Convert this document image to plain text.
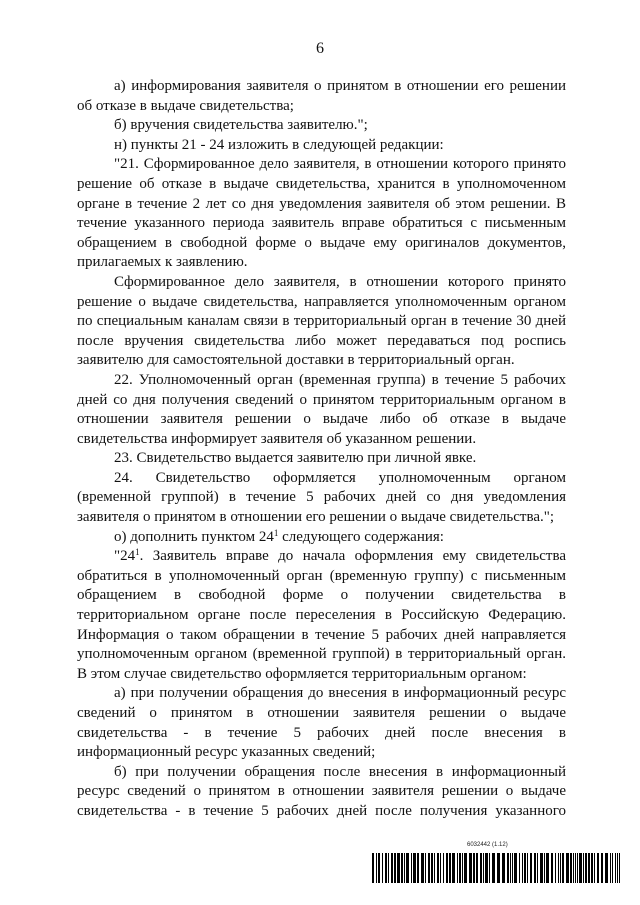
6

а) информирования заявителя о принятом в отношении его решении об отказе в выдаче свидетельства;

б) вручения свидетельства заявителю.";

н) пункты 21 - 24 изложить в следующей редакции:

"21. Сформированное дело заявителя, в отношении которого принято решение об отказе в выдаче свидетельства, хранится в уполномоченном органе в течение 2 лет со дня уведомления заявителя об этом решении. В течение указанного периода заявитель вправе обратиться с письменным обращением в свободной форме о выдаче ему оригиналов документов, прилагаемых к заявлению.

Сформированное дело заявителя, в отношении которого принято решение о выдаче свидетельства, направляется уполномоченным органом по специальным каналам связи в территориальный орган в течение 30 дней после вручения свидетельства либо может передаваться под роспись заявителю для самостоятельной доставки в территориальный орган.

22. Уполномоченный орган (временная группа) в течение 5 рабочих дней со дня получения сведений о принятом территориальным органом в отношении заявителя решении о выдаче либо об отказе в выдаче свидетельства информирует заявителя об указанном решении.

23. Свидетельство выдается заявителю при личной явке.

24. Свидетельство оформляется уполномоченным органом (временной группой) в течение 5 рабочих дней со дня уведомления заявителя о принятом в отношении его решении о выдаче свидетельства.";

о) дополнить пунктом $24^1$ следующего содержания:

"$24^1$. Заявитель вправе до начала оформления ему свидетельства обратиться в уполномоченный орган (временную группу) с письменным обращением в свободной форме о получении свидетельства в территориальном органе после переселения в Российскую Федерацию. Информация о таком обращении в течение 5 рабочих дней направляется уполномоченным органом (временной группой) в территориальный орган. В этом случае свидетельство оформляется территориальным органом:

а) при получении обращения до внесения в информационный ресурс сведений о принятом в отношении заявителя решении о выдаче свидетельства - в течение 5 рабочих дней после внесения в информационный ресурс указанных сведений;

б) при получении обращения после внесения в информационный ресурс сведений о принятом в отношении заявителя решении о выдаче свидетельства - в течение 5 рабочих дней после получения указанного

6032442 (1.12)
